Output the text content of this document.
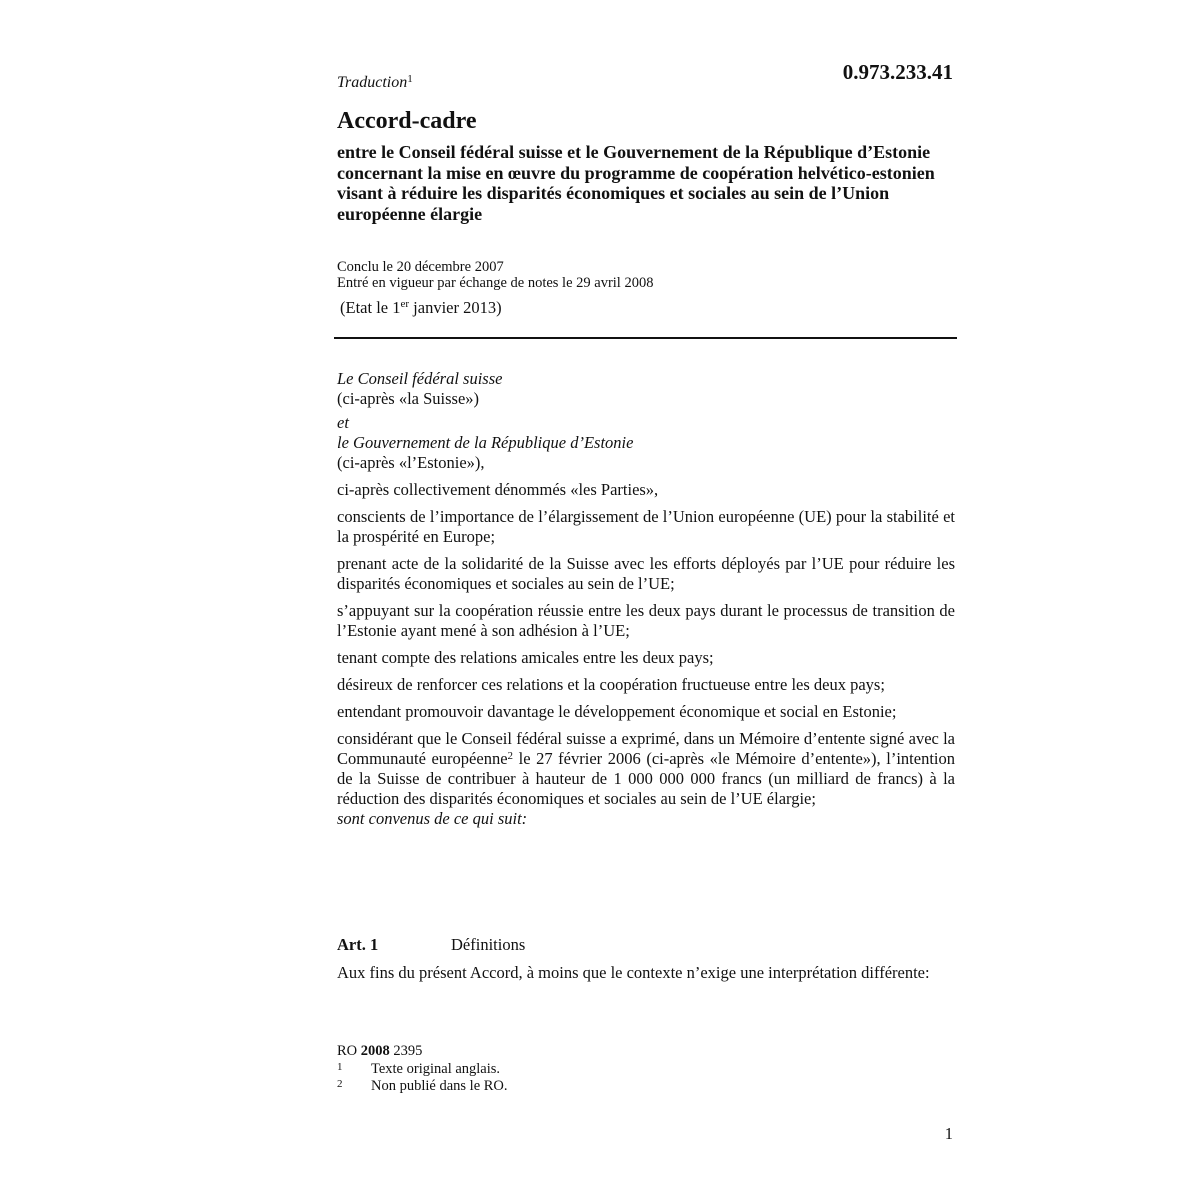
0.973.233.41
Traduction$^1$
Accord-cadre
entre le Conseil fédéral suisse et le Gouvernement de la République d’Estonie concernant la mise en œuvre du programme de coopération helvético-estonien visant à réduire les disparités économiques et sociales au sein de l’Union européenne élargie
Conclu le 20 décembre 2007
Entré en vigueur par échange de notes le 29 avril 2008
(Etat le 1er janvier 2013)

Le Conseil fédéral suisse
(ci-après «la Suisse»)

et
le Gouvernement de la République d’Estonie
(ci-après «l’Estonie»),

ci-après collectivement dénommés «les Parties»,

conscients de l’importance de l’élargissement de l’Union européenne (UE) pour la stabilité et la prospérité en Europe;

prenant acte de la solidarité de la Suisse avec les efforts déployés par l’UE pour réduire les disparités économiques et sociales au sein de l’UE;

s’appuyant sur la coopération réussie entre les deux pays durant le processus de transition de l’Estonie ayant mené à son adhésion à l’UE;

tenant compte des relations amicales entre les deux pays;

désireux de renforcer ces relations et la coopération fructueuse entre les deux pays;

entendant promouvoir davantage le développement économique et social en Estonie;

considérant que le Conseil fédéral suisse a exprimé, dans un Mémoire d’entente signé avec la Communauté européenne$^2$ le 27 février 2006 (ci-après «le Mémoire d’entente»), l’intention de la Suisse de contribuer à hauteur de 1 000 000 000 francs (un milliard de francs) à la réduction des disparités économiques et sociales au sein de l’UE élargie;

sont convenus de ce qui suit:

Art. 1	Définitions
Aux fins du présent Accord, à moins que le contexte n’exige une interprétation différente:
RO 2008 2395
1	Texte original anglais.
2	Non publié dans le RO.
1
